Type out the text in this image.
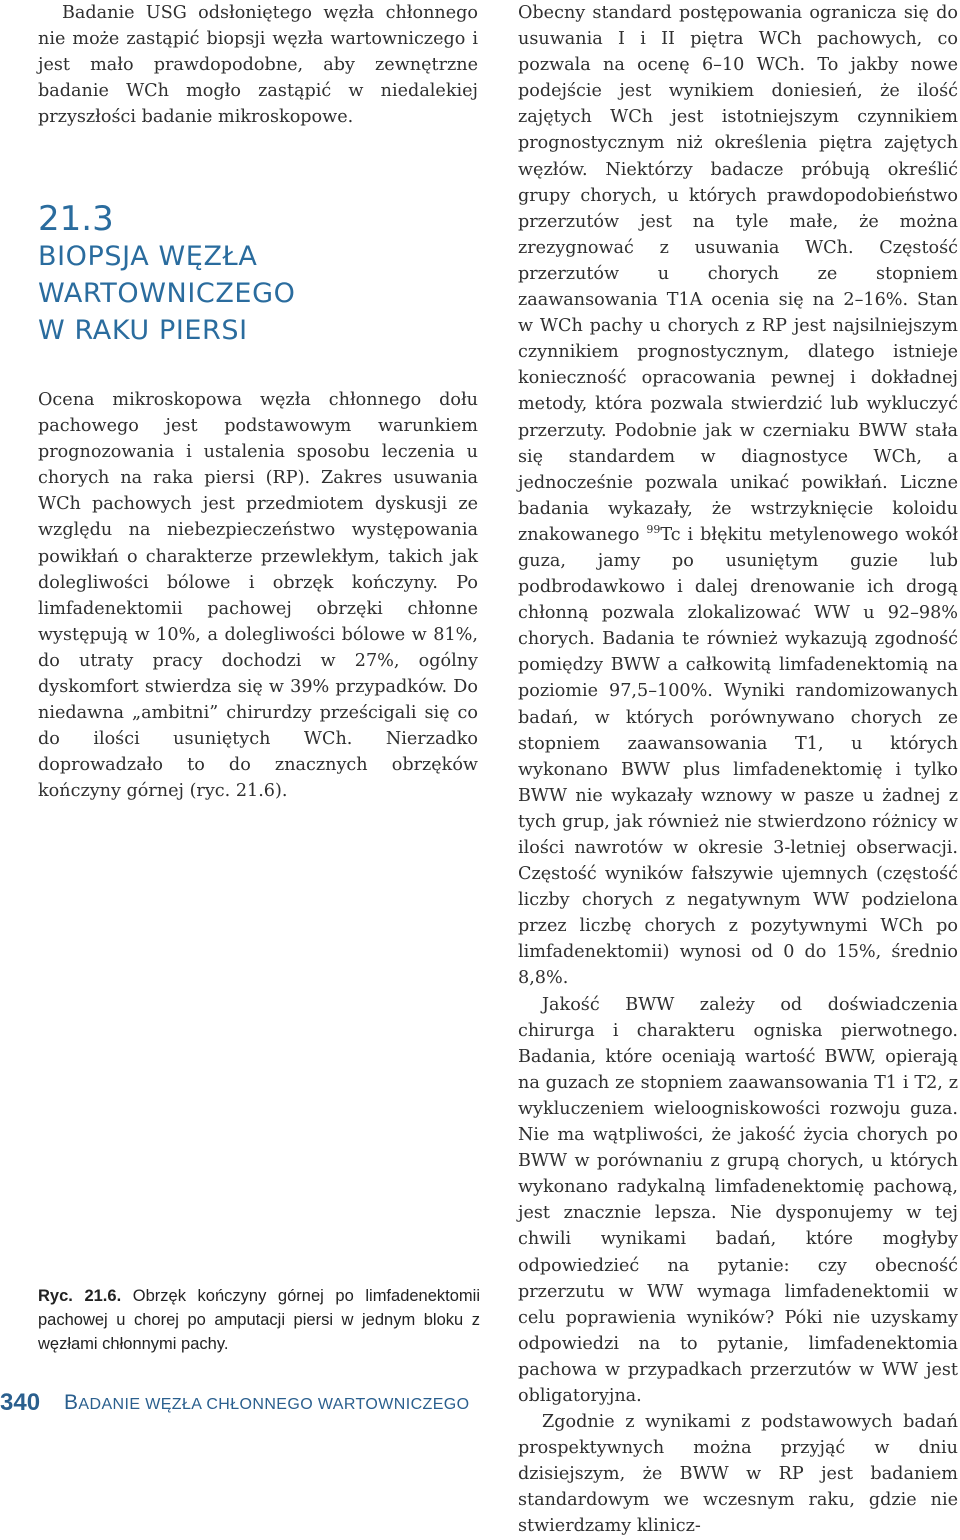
Badanie USG odsłoniętego węzła chłonnego nie może zastąpić biopsji węzła wartowniczego i jest mało prawdopodobne, aby zewnętrzne badanie WCh mogło zastąpić w niedalekiej przyszłości badanie mikroskopowe.

21.3
BIOPSJA WĘZŁA
WARTOWNICZEGO
W RAKU PIERSI

Ocena mikroskopowa węzła chłonnego dołu pachowego jest podstawowym warunkiem prognozowania i ustalenia sposobu leczenia u chorych na raka piersi (RP). Zakres usuwania WCh pachowych jest przedmiotem dyskusji ze względu na niebezpieczeństwo występowania powikłań o charakterze przewlekłym, takich jak dolegliwości bólowe i obrzęk kończyny. Po limfadenektomii pachowej obrzęki chłonne występują w 10%, a dolegliwości bólowe w 81%, do utraty pracy dochodzi w 27%, ogólny dyskomfort stwierdza się w 39% przypadków. Do niedawna „ambitni” chirurdzy prześcigali się co do ilości usuniętych WCh. Nierzadko doprowadzało to do znacznych obrzęków kończyny górnej (ryc. 21.6).

Ryc. 21.6. Obrzęk kończyny górnej po limfadenektomii pachowej u chorej po amputacji piersi w jednym bloku z węzłami chłonnymi pachy.

Obecny standard postępowania ogranicza się do usuwania I i II piętra WCh pachowych, co pozwala na ocenę 6–10 WCh. To jakby nowe podejście jest wynikiem doniesień, że ilość zajętych WCh jest istotniejszym czynnikiem prognostycznym niż określenia piętra zajętych węzłów. Niektórzy badacze próbują określić grupy chorych, u których prawdopodobieństwo przerzutów jest na tyle małe, że można zrezygnować z usuwania WCh. Częstość przerzutów u chorych ze stopniem zaawansowania T1A ocenia się na 2–16%. Stan w WCh pachy u chorych z RP jest najsilniejszym czynnikiem prognostycznym, dlatego istnieje konieczność opracowania pewnej i dokładnej metody, która pozwala stwierdzić lub wykluczyć przerzuty. Podobnie jak w czerniaku BWW stała się standardem w diagnostyce WCh, a jednocześnie pozwala unikać powikłań. Liczne badania wykazały, że wstrzyknięcie koloidu znakowanego $^{99}$Tc i błękitu metylenowego wokół guza, jamy po usuniętym guzie lub podbrodawkowo i dalej drenowanie ich drogą chłonną pozwala zlokalizować WW u 92–98% chorych. Badania te również wykazują zgodność pomiędzy BWW a całkowitą limfadenektomią na poziomie 97,5–100%. Wyniki randomizowanych badań, w których porównywano chorych ze stopniem zaawansowania T1, u których wykonano BWW plus limfadenektomię i tylko BWW nie wykazały wznowy w pasze u żadnej z tych grup, jak również nie stwierdzono różnicy w ilości nawrotów w okresie 3-letniej obserwacji. Częstość wyników fałszywie ujemnych (częstość liczby chorych z negatywnym WW podzielona przez liczbę chorych z pozytywnymi WCh po limfadenektomii) wynosi od 0 do 15%, średnio 8,8%.

Jakość BWW zależy od doświadczenia chirurga i charakteru ogniska pierwotnego. Badania, które oceniają wartość BWW, opierają na guzach ze stopniem zaawansowania T1 i T2, z wykluczeniem wieloogniskowości rozwoju guza. Nie ma wątpliwości, że jakość życia chorych po BWW w porównaniu z grupą chorych, u których wykonano radykalną limfadenektomię pachową, jest znacznie lepsza. Nie dysponujemy w tej chwili wynikami badań, które mogłyby odpowiedzieć na pytanie: czy obecność przerzutu w WW wymaga limfadenektomii w celu poprawienia wyników? Póki nie uzyskamy odpowiedzi na to pytanie, limfadenektomia pachowa w przypadkach przerzutów w WW jest obligatoryjna.

Zgodnie z wynikami z podstawowych badań prospektywnych można przyjąć w dniu dzisiejszym, że BWW w RP jest badaniem standardowym we wczesnym raku, gdzie nie stwierdzamy klinicz-

340 BADANIE WĘZŁA CHŁONNEGO WARTOWNICZEGO
